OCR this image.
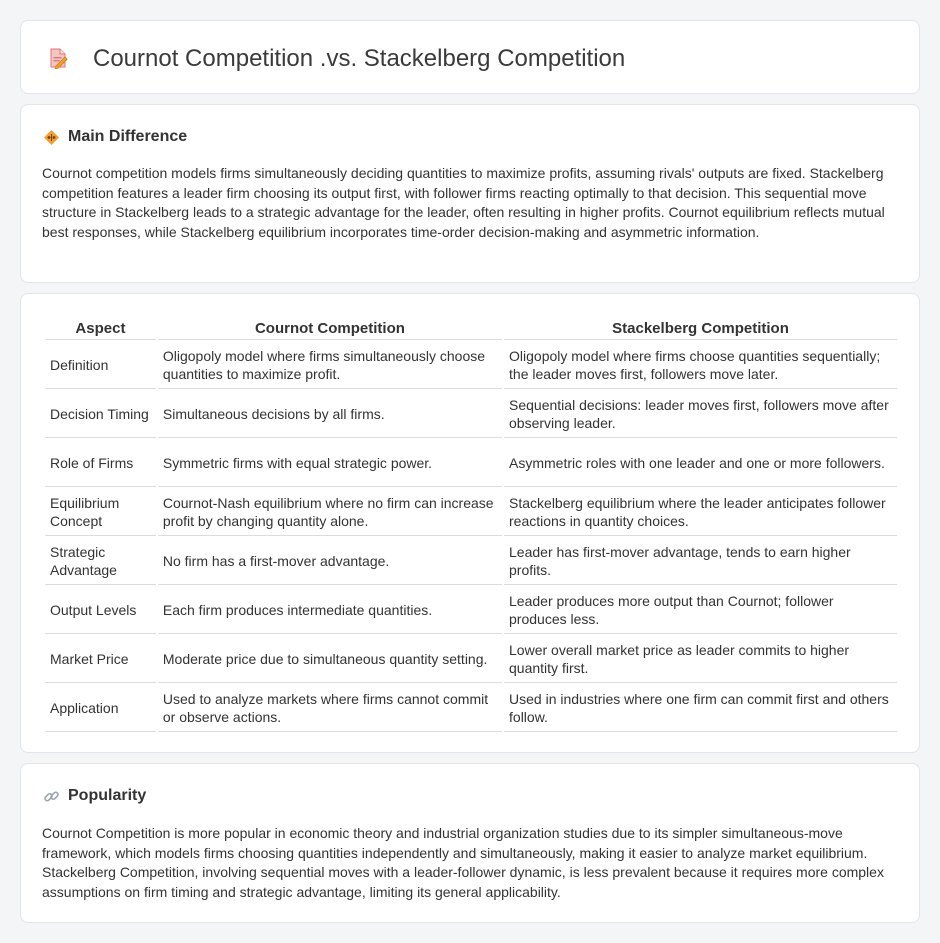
Cournot Competition .vs. Stackelberg Competition
Main Difference

Cournot competition models firms simultaneously deciding quantities to maximize profits, assuming rivals' outputs are fixed. Stackelberg competition features a leader firm choosing its output first, with follower firms reacting optimally to that decision. This sequential move structure in Stackelberg leads to a strategic advantage for the leader, often resulting in higher profits. Cournot equilibrium reflects mutual best responses, while Stackelberg equilibrium incorporates time-order decision-making and asymmetric information.

Aspect	Cournot Competition	Stackelberg Competition
Definition	Oligopoly model where firms simultaneously choose quantities to maximize profit.	Oligopoly model where firms choose quantities sequentially; the leader moves first, followers move later.
Decision Timing	Simultaneous decisions by all firms.	Sequential decisions: leader moves first, followers move after observing leader.
Role of Firms	Symmetric firms with equal strategic power.	Asymmetric roles with one leader and one or more followers.
Equilibrium Concept	Cournot-Nash equilibrium where no firm can increase profit by changing quantity alone.	Stackelberg equilibrium where the leader anticipates follower reactions in quantity choices.
Strategic Advantage	No firm has a first-mover advantage.	Leader has first-mover advantage, tends to earn higher profits.
Output Levels	Each firm produces intermediate quantities.	Leader produces more output than Cournot; follower produces less.
Market Price	Moderate price due to simultaneous quantity setting.	Lower overall market price as leader commits to higher quantity first.
Application	Used to analyze markets where firms cannot commit or observe actions.	Used in industries where one firm can commit first and others follow.
Popularity

Cournot Competition is more popular in economic theory and industrial organization studies due to its simpler simultaneous-move framework, which models firms choosing quantities independently and simultaneously, making it easier to analyze market equilibrium. Stackelberg Competition, involving sequential moves with a leader-follower dynamic, is less prevalent because it requires more complex assumptions on firm timing and strategic advantage, limiting its general applicability.
